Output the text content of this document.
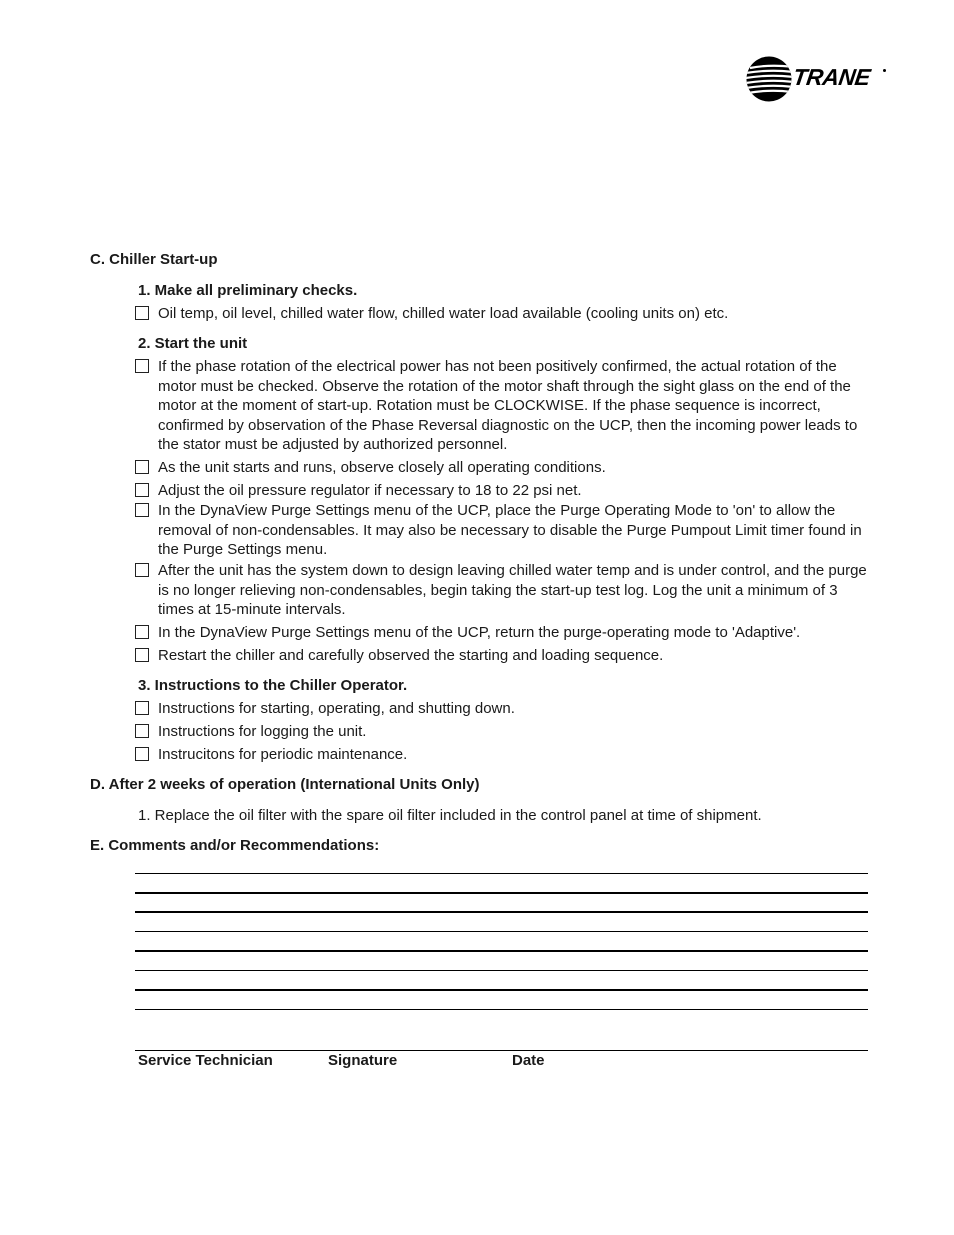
TRANE
C. Chiller Start-up
1. Make all preliminary checks.
Oil temp, oil level, chilled water flow, chilled water load available (cooling units on) etc.
2. Start the unit
If the phase rotation of the electrical power has not been positively confirmed, the actual rotation of the motor must be checked. Observe the rotation of the motor shaft through the sight glass on the end of the motor at the moment of start-up. Rotation must be CLOCKWISE. If the phase sequence is incorrect, confirmed by observation of the Phase Reversal diagnostic on the UCP, then the incoming power leads to the stator must be adjusted by authorized personnel.
As the unit starts and runs, observe closely all operating conditions.
Adjust the oil pressure regulator if necessary to 18 to 22 psi net.
In the DynaView Purge Settings menu of the UCP, place the Purge Operating Mode to 'on' to allow the removal of non-condensables. It may also be necessary to disable the Purge Pumpout Limit timer found in the Purge Settings menu.
After the unit has the system down to design leaving chilled water temp and is under control, and the purge is no longer relieving non-condensables, begin taking the start-up test log. Log the unit a minimum of 3 times at 15-minute intervals.
In the DynaView Purge Settings menu of the UCP, return the purge-operating mode to 'Adaptive'.
Restart the chiller and carefully observed the starting and loading sequence.
3. Instructions to the Chiller Operator.
Instructions for starting, operating, and shutting down.
Instructions for logging the unit.
Instrucitons for periodic maintenance.
D. After 2 weeks of operation (International Units Only)
1. Replace the oil filter with the spare oil filter included in the control panel at time of shipment.
E. Comments and/or Recommendations:
Service Technician	Signature	Date
